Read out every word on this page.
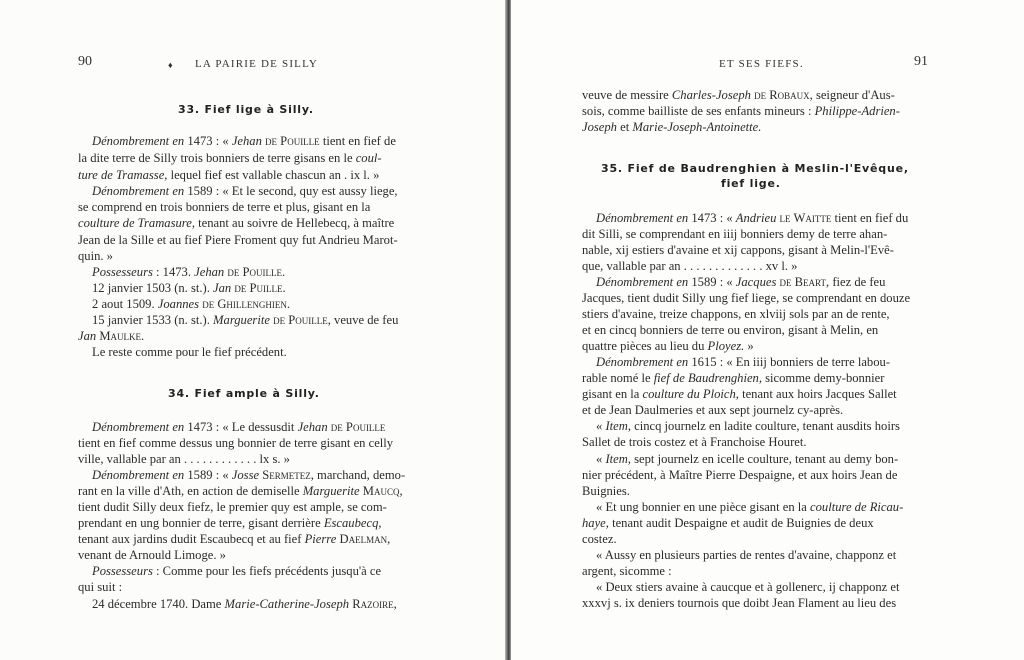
90	♦ LA PAIRIE DE SILLY
33. Fief lige à Silly.
Dénombrement en 1473 : « Jehan de Pouille tient en fief de
la dite terre de Silly trois bonniers de terre gisans en le coul-
ture de Tramasse, lequel fief est vallable chascun an . ix l. »
Dénombrement en 1589 : « Et le second, quy est aussy liege,
se comprend en trois bonniers de terre et plus, gisant en la
coulture de Tramasure, tenant au soivre de Hellebecq, à maître
Jean de la Sille et au fief Piere Froment quy fut Andrieu Marot-
quin. »
Possesseurs : 1473. Jehan de Pouille.
12 janvier 1503 (n. st.). Jan de Puille.
2 aout 1509. Joannes de Ghillenghien.
15 janvier 1533 (n. st.). Marguerite de Pouille, veuve de feu
Jan Maulke.
Le reste comme pour le fief précédent.
34. Fief ample à Silly.
Dénombrement en 1473 : « Le dessusdit Jehan de Pouille
tient en fief comme dessus ung bonnier de terre gisant en celly
ville, vallable par an . . . . . . . . . . . . lx s. »
Dénombrement en 1589 : « Josse Sermetez, marchand, demo-
rant en la ville d'Ath, en action de demiselle Marguerite Maucq,
tient dudit Silly deux fiefz, le premier quy est ample, se com-
prendant en ung bonnier de terre, gisant derrière Escaubecq,
tenant aux jardins dudit Escaubecq et au fief Pierre Daelman,
venant de Arnould Limoge. »
Possesseurs : Comme pour les fiefs précédents jusqu'à ce
qui suit :
24 décembre 1740. Dame Marie-Catherine-Joseph Razoire,
ET SES FIEFS.	91
veuve de messire Charles-Joseph de Robaux, seigneur d'Aus-
sois, comme bailliste de ses enfants mineurs : Philippe-Adrien-
Joseph et Marie-Joseph-Antoinette.
35. Fief de Baudrenghien à Meslin-l'Evêque,
fief lige.
Dénombrement en 1473 : « Andrieu le Waitte tient en fief du
dit Silli, se comprendant en iiij bonniers demy de terre ahan-
nable, xij estiers d'avaine et xij cappons, gisant à Melin-l'Evê-
que, vallable par an . . . . . . . . . . . . . xv l. »
Dénombrement en 1589 : « Jacques de Beart, fiez de feu
Jacques, tient dudit Silly ung fief liege, se comprendant en douze
stiers d'avaine, treize chappons, en xlviij sols par an de rente,
et en cincq bonniers de terre ou environ, gisant à Melin, en
quattre pièces au lieu du Ployez. »
Dénombrement en 1615 : « En iiij bonniers de terre labou-
rable nomé le fief de Baudrenghien, sicomme demy-bonnier
gisant en la coulture du Ploich, tenant aux hoirs Jacques Sallet
et de Jean Daulmeries et aux sept journelz cy-après.
« Item, cincq journelz en ladite coulture, tenant ausdits hoirs
Sallet de trois costez et à Franchoise Houret.
« Item, sept journelz en icelle coulture, tenant au demy bon-
nier précédent, à Maître Pierre Despaigne, et aux hoirs Jean de
Buignies.
« Et ung bonnier en une pièce gisant en la coulture de Ricau-
haye, tenant audit Despaigne et audit de Buignies de deux
costez.
« Aussy en plusieurs parties de rentes d'avaine, chapponz et
argent, sicomme :
« Deux stiers avaine à caucque et à gollenerc, ij chapponz et
xxxvj s. ix deniers tournois que doibt Jean Flament au lieu des
